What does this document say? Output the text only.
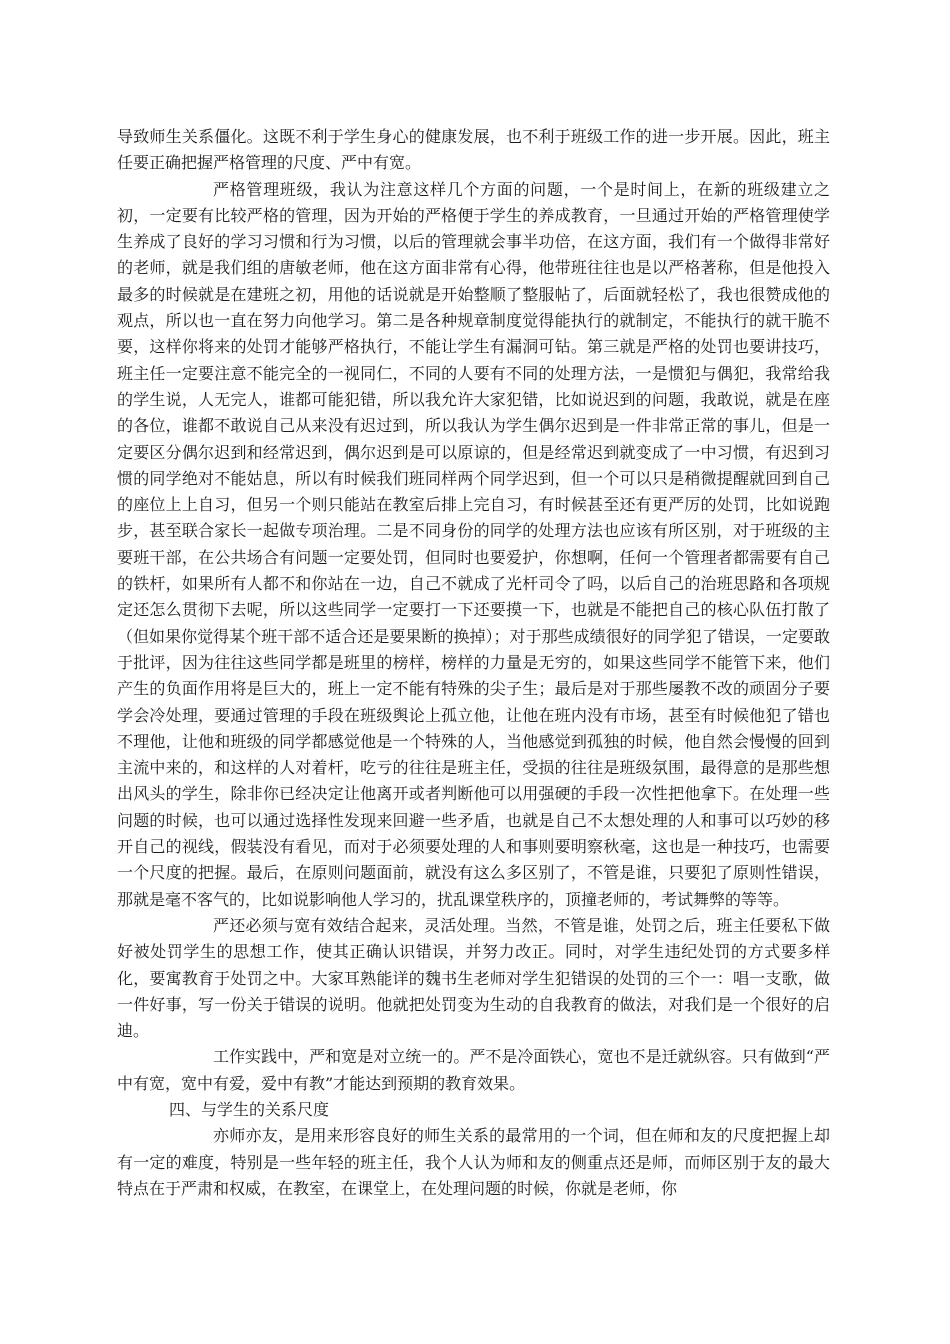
导致师生关系僵化。这既不利于学生身心的健康发展，也不利于班级工作的进一步开展。因此，班主任要正确把握严格管理的尺度、严中有宽。

严格管理班级，我认为注意这样几个方面的问题，一个是时间上，在新的班级建立之初，一定要有比较严格的管理，因为开始的严格便于学生的养成教育，一旦通过开始的严格管理使学生养成了良好的学习习惯和行为习惯，以后的管理就会事半功倍，在这方面，我们有一个做得非常好的老师，就是我们组的唐敏老师，他在这方面非常有心得，他带班往往也是以严格著称，但是他投入最多的时候就是在建班之初，用他的话说就是开始整顺了整服帖了，后面就轻松了，我也很赞成他的观点，所以也一直在努力向他学习。第二是各种规章制度觉得能执行的就制定，不能执行的就干脆不要，这样你将来的处罚才能够严格执行，不能让学生有漏洞可钻。第三就是严格的处罚也要讲技巧，班主任一定要注意不能完全的一视同仁，不同的人要有不同的处理方法，一是惯犯与偶犯，我常给我的学生说，人无完人，谁都可能犯错，所以我允许大家犯错，比如说迟到的问题，我敢说，就是在座的各位，谁都不敢说自己从来没有迟过到，所以我认为学生偶尔迟到是一件非常正常的事儿，但是一定要区分偶尔迟到和经常迟到，偶尔迟到是可以原谅的，但是经常迟到就变成了一中习惯，有迟到习惯的同学绝对不能姑息，所以有时候我们班同样两个同学迟到，但一个可以只是稍微提醒就回到自己的座位上上自习，但另一个则只能站在教室后排上完自习，有时候甚至还有更严厉的处罚，比如说跑步，甚至联合家长一起做专项治理。二是不同身份的同学的处理方法也应该有所区别，对于班级的主要班干部，在公共场合有问题一定要处罚，但同时也要爱护，你想啊，任何一个管理者都需要有自己的铁杆，如果所有人都不和你站在一边，自己不就成了光杆司令了吗，以后自己的治班思路和各项规定还怎么贯彻下去呢，所以这些同学一定要打一下还要摸一下，也就是不能把自己的核心队伍打散了（但如果你觉得某个班干部不适合还是要果断的换掉）；对于那些成绩很好的同学犯了错误，一定要敢于批评，因为往往这些同学都是班里的榜样，榜样的力量是无穷的，如果这些同学不能管下来，他们产生的负面作用将是巨大的，班上一定不能有特殊的尖子生；最后是对于那些屡教不改的顽固分子要学会冷处理，要通过管理的手段在班级舆论上孤立他，让他在班内没有市场，甚至有时候他犯了错也不理他，让他和班级的同学都感觉他是一个特殊的人，当他感觉到孤独的时候，他自然会慢慢的回到主流中来的，和这样的人对着杆，吃亏的往往是班主任，受损的往往是班级氛围，最得意的是那些想出风头的学生，除非你已经决定让他离开或者判断他可以用强硬的手段一次性把他拿下。在处理一些问题的时候，也可以通过选择性发现来回避一些矛盾，也就是自己不太想处理的人和事可以巧妙的移开自己的视线，假装没有看见，而对于必须要处理的人和事则要明察秋毫，这也是一种技巧，也需要一个尺度的把握。最后，在原则问题面前，就没有这么多区别了，不管是谁，只要犯了原则性错误，那就是毫不客气的，比如说影响他人学习的，扰乱课堂秩序的，顶撞老师的，考试舞弊的等等。

严还必须与宽有效结合起来，灵活处理。当然，不管是谁，处罚之后，班主任要私下做好被处罚学生的思想工作，使其正确认识错误，并努力改正。同时，对学生违纪处罚的方式要多样化，要寓教育于处罚之中。大家耳熟能详的魏书生老师对学生犯错误的处罚的三个一：唱一支歌，做一件好事，写一份关于错误的说明。他就把处罚变为生动的自我教育的做法，对我们是一个很好的启迪。

工作实践中，严和宽是对立统一的。严不是冷面铁心，宽也不是迁就纵容。只有做到“严中有宽，宽中有爱，爱中有教”才能达到预期的教育效果。

四、与学生的关系尺度

亦师亦友，是用来形容良好的师生关系的最常用的一个词，但在师和友的尺度把握上却有一定的难度，特别是一些年轻的班主任，我个人认为师和友的侧重点还是师，而师区别于友的最大特点在于严肃和权威，在教室，在课堂上，在处理问题的时候，你就是老师，你
